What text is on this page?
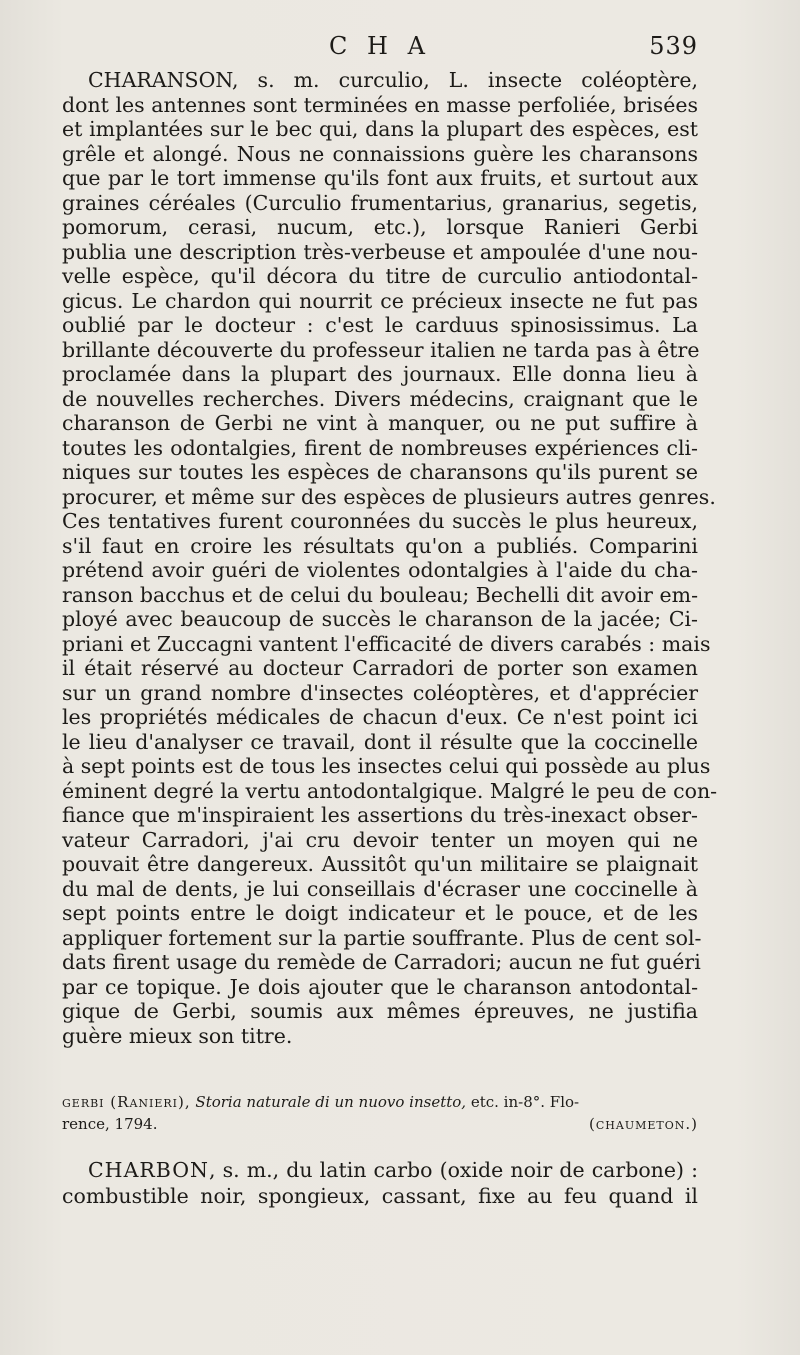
C H A	539
CHARANSON, s. m. curculio, L. insecte coléoptère,
dont les antennes sont terminées en masse perfoliée, brisées
et implantées sur le bec qui, dans la plupart des espèces, est
grêle et alongé. Nous ne connaissions guère les charansons
que par le tort immense qu'ils font aux fruits, et surtout aux
graines céréales (Curculio frumentarius, granarius, segetis,
pomorum, cerasi, nucum, etc.), lorsque Ranieri Gerbi
publia une description très-verbeuse et ampoulée d'une nou-
velle espèce, qu'il décora du titre de curculio antiodontal-
gicus. Le chardon qui nourrit ce précieux insecte ne fut pas
oublié par le docteur : c'est le carduus spinosissimus. La
brillante découverte du professeur italien ne tarda pas à être
proclamée dans la plupart des journaux. Elle donna lieu à
de nouvelles recherches. Divers médecins, craignant que le
charanson de Gerbi ne vint à manquer, ou ne put suffire à
toutes les odontalgies, firent de nombreuses expériences cli-
niques sur toutes les espèces de charansons qu'ils purent se
procurer, et même sur des espèces de plusieurs autres genres.
Ces tentatives furent couronnées du succès le plus heureux,
s'il faut en croire les résultats qu'on a publiés. Comparini
prétend avoir guéri de violentes odontalgies à l'aide du cha-
ranson bacchus et de celui du bouleau; Bechelli dit avoir em-
ployé avec beaucoup de succès le charanson de la jacée; Ci-
priani et Zuccagni vantent l'efficacité de divers carabés : mais
il était réservé au docteur Carradori de porter son examen
sur un grand nombre d'insectes coléoptères, et d'apprécier
les propriétés médicales de chacun d'eux. Ce n'est point ici
le lieu d'analyser ce travail, dont il résulte que la coccinelle
à sept points est de tous les insectes celui qui possède au plus
éminent degré la vertu antodontalgique. Malgré le peu de con-
fiance que m'inspiraient les assertions du très-inexact obser-
vateur Carradori, j'ai cru devoir tenter un moyen qui ne
pouvait être dangereux. Aussitôt qu'un militaire se plaignait
du mal de dents, je lui conseillais d'écraser une coccinelle à
sept points entre le doigt indicateur et le pouce, et de les
appliquer fortement sur la partie souffrante. Plus de cent sol-
dats firent usage du remède de Carradori; aucun ne fut guéri
par ce topique. Je dois ajouter que le charanson antodontal-
gique de Gerbi, soumis aux mêmes épreuves, ne justifia
guère mieux son titre.
gerbi (Ranieri), Storia naturale di un nuovo insetto, etc. in-8°. Flo-
rence, 1794.	(chaumeton.)
CHARBON, s. m., du latin carbo (oxide noir de carbone) :
combustible noir, spongieux, cassant, fixe au feu quand il
